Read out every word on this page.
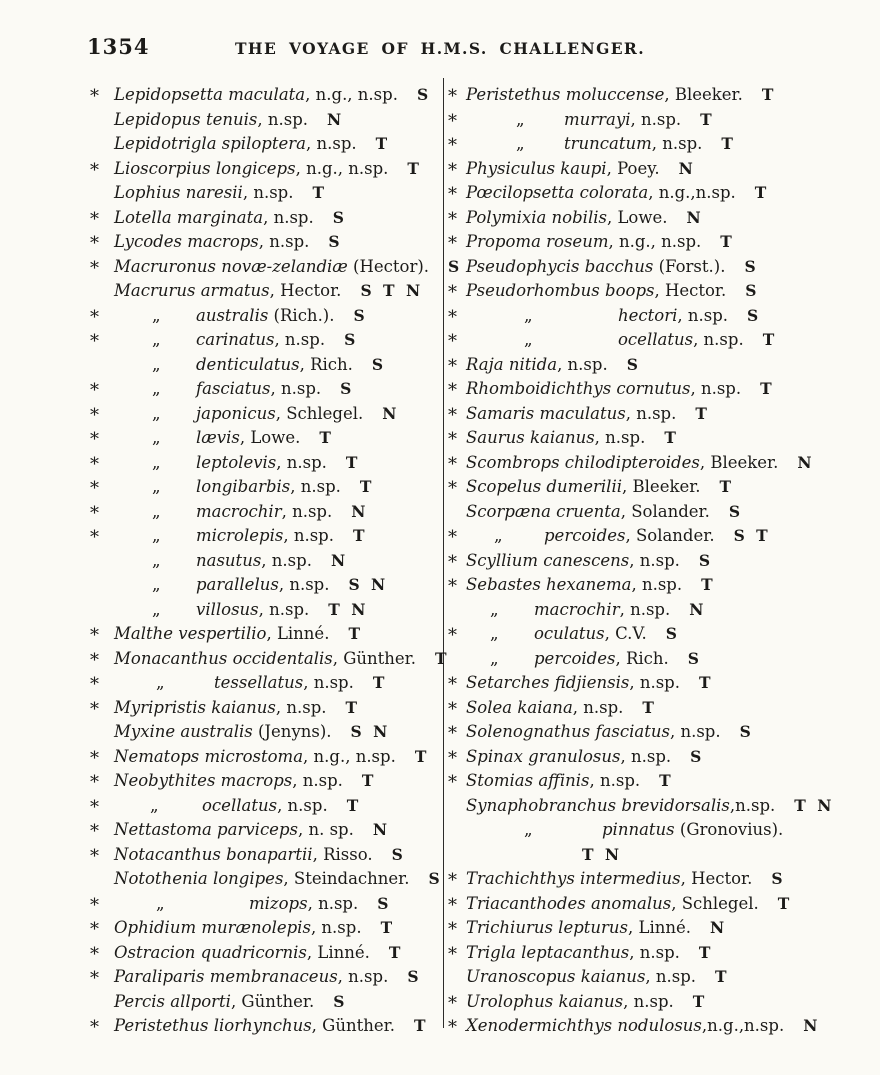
1354	THE VOYAGE OF H.M.S. CHALLENGER.
* Lepidopsetta maculata, n.g., n.sp. S
Lepidopus tenuis, n.sp. N
Lepidotrigla spiloptera, n.sp. T
* Lioscorpius longiceps, n.g., n.sp. T
Lophius naresii, n.sp. T
* Lotella marginata, n.sp. S
* Lycodes macrops, n.sp. S
* Macruronus novæ-zelandiæ (Hector). S
Macrurus armatus, Hector. S T N
*	„ australis (Rich.). S
*	„ carinatus, n.sp. S
„ denticulatus, Rich. S
*	„ fasciatus, n.sp. S
*	„ japonicus, Schlegel. N
*	„ lævis, Lowe. T
*	„ leptolevis, n.sp. T
*	„ longibarbis, n.sp. T
*	„ macrochir, n.sp. N
*	„ microlepis, n.sp. T
„ nasutus, n.sp. N
„ parallelus, n.sp. S N
„ villosus, n.sp. T N
* Malthe vespertilio, Linné. T
* Monacanthus occidentalis, Günther. T
*	„	tessellatus, n.sp. T
* Myripristis kaianus, n.sp. T
Myxine australis (Jenyns). S N
* Nematops microstoma, n.g., n.sp. T
* Neobythites macrops, n.sp. T
*	„	ocellatus, n.sp. T
* Nettastoma parviceps, n. sp. N
* Notacanthus bonapartii, Risso. S
Notothenia longipes, Steindachner. S
*	„	mizops, n.sp. S
* Ophidium murænolepis, n.sp. T
* Ostracion quadricornis, Linné. T
* Paraliparis membranaceus, n.sp. S
Percis allporti, Günther. S
* Peristethus liorhynchus, Günther. T
* Peristethus moluccense, Bleeker. T
*	„ murrayi, n.sp. T
*	„ truncatum, n.sp. T
* Physiculus kaupi, Poey. N
* Pœcilopsetta colorata, n.g.,n.sp. T
* Polymixia nobilis, Lowe. N
* Propoma roseum, n.g., n.sp. T
Pseudophycis bacchus (Forst.). S
* Pseudorhombus boops, Hector. S
*	„	hectori, n.sp. S
*	„	ocellatus, n.sp. T
* Raja nitida, n.sp. S
* Rhomboidichthys cornutus, n.sp. T
* Samaris maculatus, n.sp. T
* Saurus kaianus, n.sp. T
* Scombrops chilodipteroides, Bleeker. N
* Scopelus dumerilii, Bleeker. T
Scorpæna cruenta, Solander. S
*	„	percoides, Solander. S T
* Scyllium canescens, n.sp. S
* Sebastes hexanema, n.sp. T
„ macrochir, n.sp. N
*	„ oculatus, C.V. S
„ percoides, Rich. S
* Setarches fidjiensis, n.sp. T
* Solea kaiana, n.sp. T
* Solenognathus fasciatus, n.sp. S
* Spinax granulosus, n.sp. S
* Stomias affinis, n.sp. T
Synaphobranchus brevidorsalis,n.sp. T N
„	pinnatus (Gronovius).
T N
* Trachichthys intermedius, Hector. S
* Triacanthodes anomalus, Schlegel. T
* Trichiurus lepturus, Linné. N
* Trigla leptacanthus, n.sp. T
Uranoscopus kaianus, n.sp. T
* Urolophus kaianus, n.sp. T
* Xenodermichthys nodulosus,n.g.,n.sp. N
